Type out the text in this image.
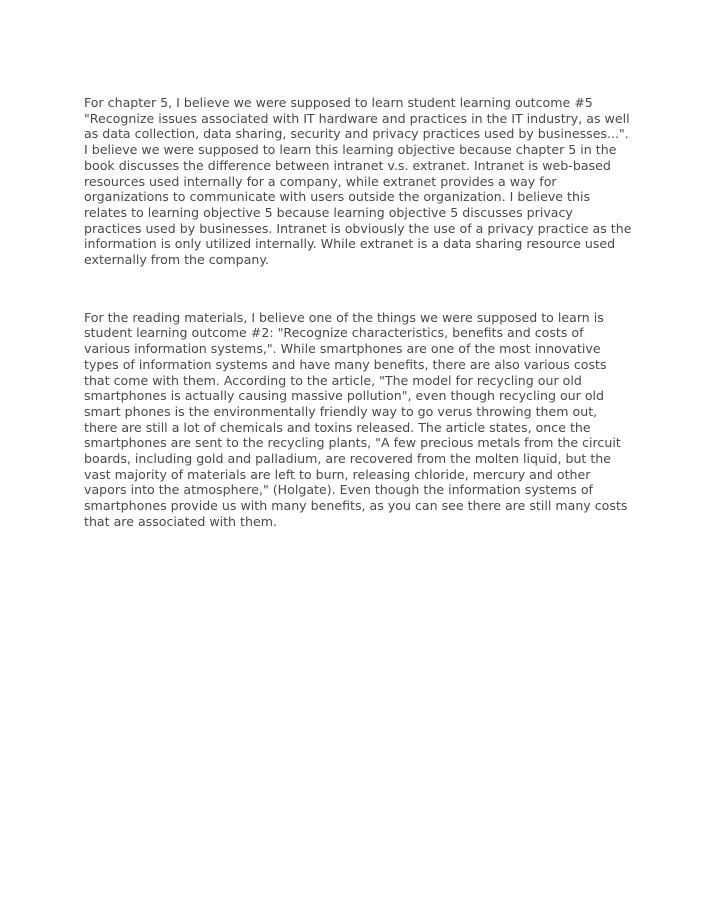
For chapter 5, I believe we were supposed to learn student learning outcome #5 "Recognize issues associated with IT hardware and practices in the IT industry, as well as data collection, data sharing, security and privacy practices used by businesses...". I believe we were supposed to learn this learning objective because chapter 5 in the book discusses the difference between intranet v.s. extranet. Intranet is web-based resources used internally for a company, while extranet provides a way for organizations to communicate with users outside the organization. I believe this relates to learning objective 5 because learning objective 5 discusses privacy practices used by businesses. Intranet is obviously the use of a privacy practice as the information is only utilized internally. While extranet is a data sharing resource used externally from the company.

For the reading materials, I believe one of the things we were supposed to learn is student learning outcome #2: "Recognize characteristics, benefits and costs of various information systems,". While smartphones are one of the most innovative types of information systems and have many benefits, there are also various costs that come with them. According to the article, "The model for recycling our old smartphones is actually causing massive pollution", even though recycling our old smart phones is the environmentally friendly way to go verus throwing them out, there are still a lot of chemicals and toxins released. The article states, once the smartphones are sent to the recycling plants, "A few precious metals from the circuit boards, including gold and palladium, are recovered from the molten liquid, but the vast majority of materials are left to burn, releasing chloride, mercury and other vapors into the atmosphere," (Holgate). Even though the information systems of smartphones provide us with many benefits, as you can see there are still many costs that are associated with them.
